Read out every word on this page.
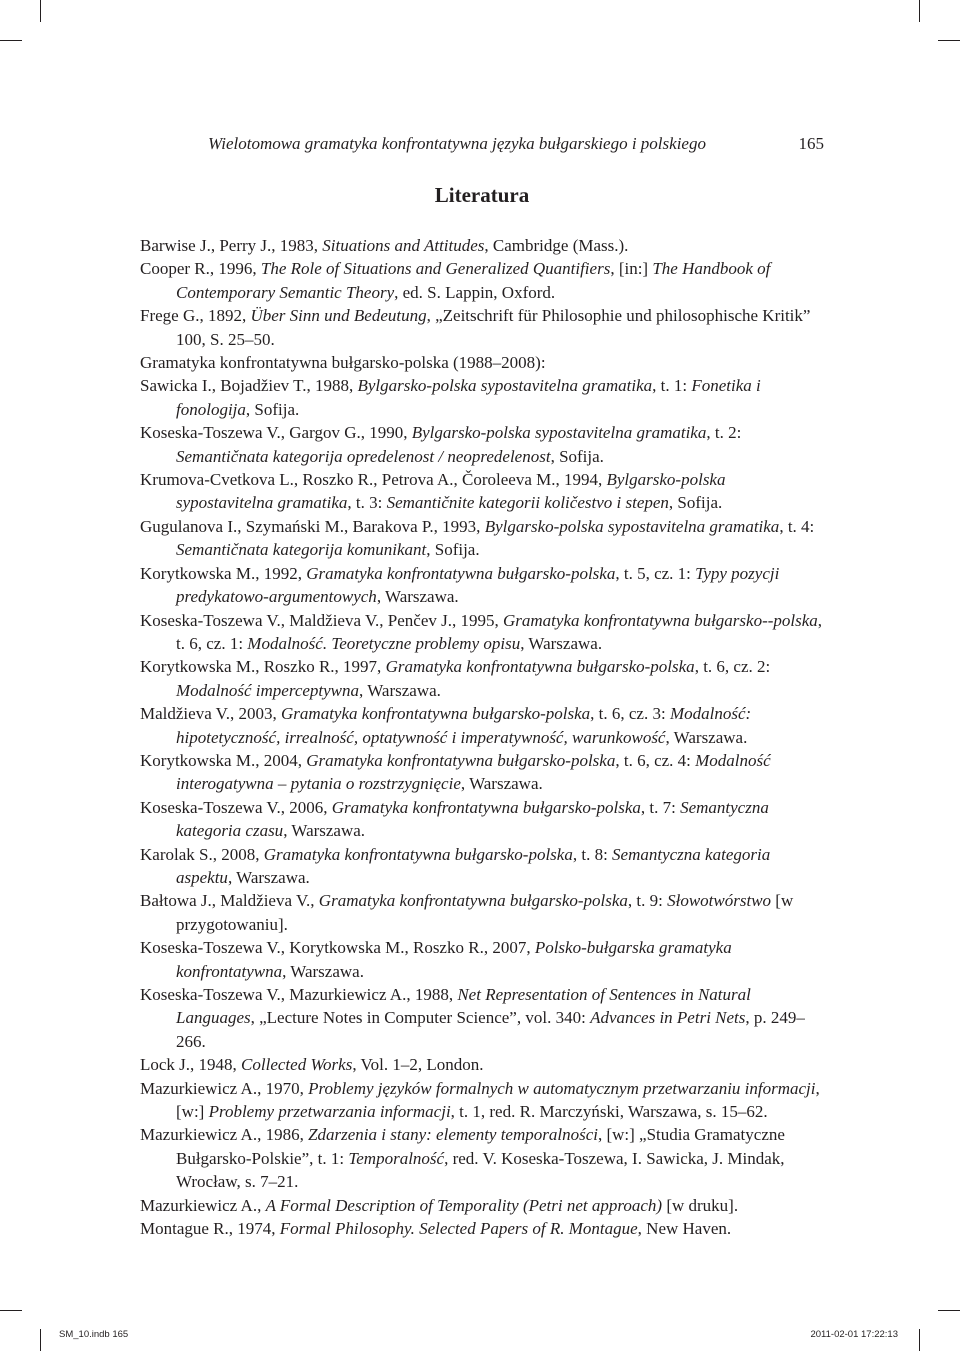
Wielotomowa gramatyka konfrontatywna języka bułgarskiego i polskiego	165
Literatura
Barwise J., Perry J., 1983, Situations and Attitudes, Cambridge (Mass.).
Cooper R., 1996, The Role of Situations and Generalized Quantifiers, [in:] The Handbook of Contemporary Semantic Theory, ed. S. Lappin, Oxford.
Frege G., 1892, Über Sinn und Bedeutung, „Zeitschrift für Philosophie und philosophische Kritik” 100, S. 25–50.
Gramatyka konfrontatywna bułgarsko-polska (1988–2008):
Sawicka I., Bojadžiev T., 1988, Bylgarsko-polska sypostavitelna gramatika, t. 1: Fonetika i fonologija, Sofija.
Koseska-Toszewa V., Gargov G., 1990, Bylgarsko-polska sypostavitelna gramatika, t. 2: Semantičnata kategorija opredelenost / neopredelenost, Sofija.
Krumova-Cvetkova L., Roszko R., Petrova A., Čoroleeva M., 1994, Bylgarsko-polska sypostavitelna gramatika, t. 3: Semantičnite kategorii količestvo i stepen, Sofija.
Gugulanova I., Szymański M., Barakova P., 1993, Bylgarsko-polska sypostavitelna gramatika, t. 4: Semantičnata kategorija komunikant, Sofija.
Korytkowska M., 1992, Gramatyka konfrontatywna bułgarsko-polska, t. 5, cz. 1: Typy pozycji predykatowo-argumentowych, Warszawa.
Koseska-Toszewa V., Maldžieva V., Penčev J., 1995, Gramatyka konfrontatywna bułgarsko--polska, t. 6, cz. 1: Modalność. Teoretyczne problemy opisu, Warszawa.
Korytkowska M., Roszko R., 1997, Gramatyka konfrontatywna bułgarsko-polska, t. 6, cz. 2: Modalność imperceptywna, Warszawa.
Maldžieva V., 2003, Gramatyka konfrontatywna bułgarsko-polska, t. 6, cz. 3: Modalność: hipotetyczność, irrealność, optatywność i imperatywność, warunkowość, Warszawa.
Korytkowska M., 2004, Gramatyka konfrontatywna bułgarsko-polska, t. 6, cz. 4: Modalność interogatywna – pytania o rozstrzygnięcie, Warszawa.
Koseska-Toszewa V., 2006, Gramatyka konfrontatywna bułgarsko-polska, t. 7: Semantyczna kategoria czasu, Warszawa.
Karolak S., 2008, Gramatyka konfrontatywna bułgarsko-polska, t. 8: Semantyczna kategoria aspektu, Warszawa.
Bałtowa J., Maldžieva V., Gramatyka konfrontatywna bułgarsko-polska, t. 9: Słowotwórstwo [w przygotowaniu].
Koseska-Toszewa V., Korytkowska M., Roszko R., 2007, Polsko-bułgarska gramatyka konfrontatywna, Warszawa.
Koseska-Toszewa V., Mazurkiewicz A., 1988, Net Representation of Sentences in Natural Languages, „Lecture Notes in Computer Science”, vol. 340: Advances in Petri Nets, p. 249–266.
Lock J., 1948, Collected Works, Vol. 1–2, London.
Mazurkiewicz A., 1970, Problemy języków formalnych w automatycznym przetwarzaniu informacji, [w:] Problemy przetwarzania informacji, t. 1, red. R. Marczyński, Warszawa, s. 15–62.
Mazurkiewicz A., 1986, Zdarzenia i stany: elementy temporalności, [w:] „Studia Gramatyczne Bułgarsko-Polskie”, t. 1: Temporalność, red. V. Koseska-Toszewa, I. Sawicka, J. Mindak, Wrocław, s. 7–21.
Mazurkiewicz A., A Formal Description of Temporality (Petri net approach) [w druku].
Montague R., 1974, Formal Philosophy. Selected Papers of R. Montague, New Haven.
SM_10.indb 165	2011-02-01 17:22:13
